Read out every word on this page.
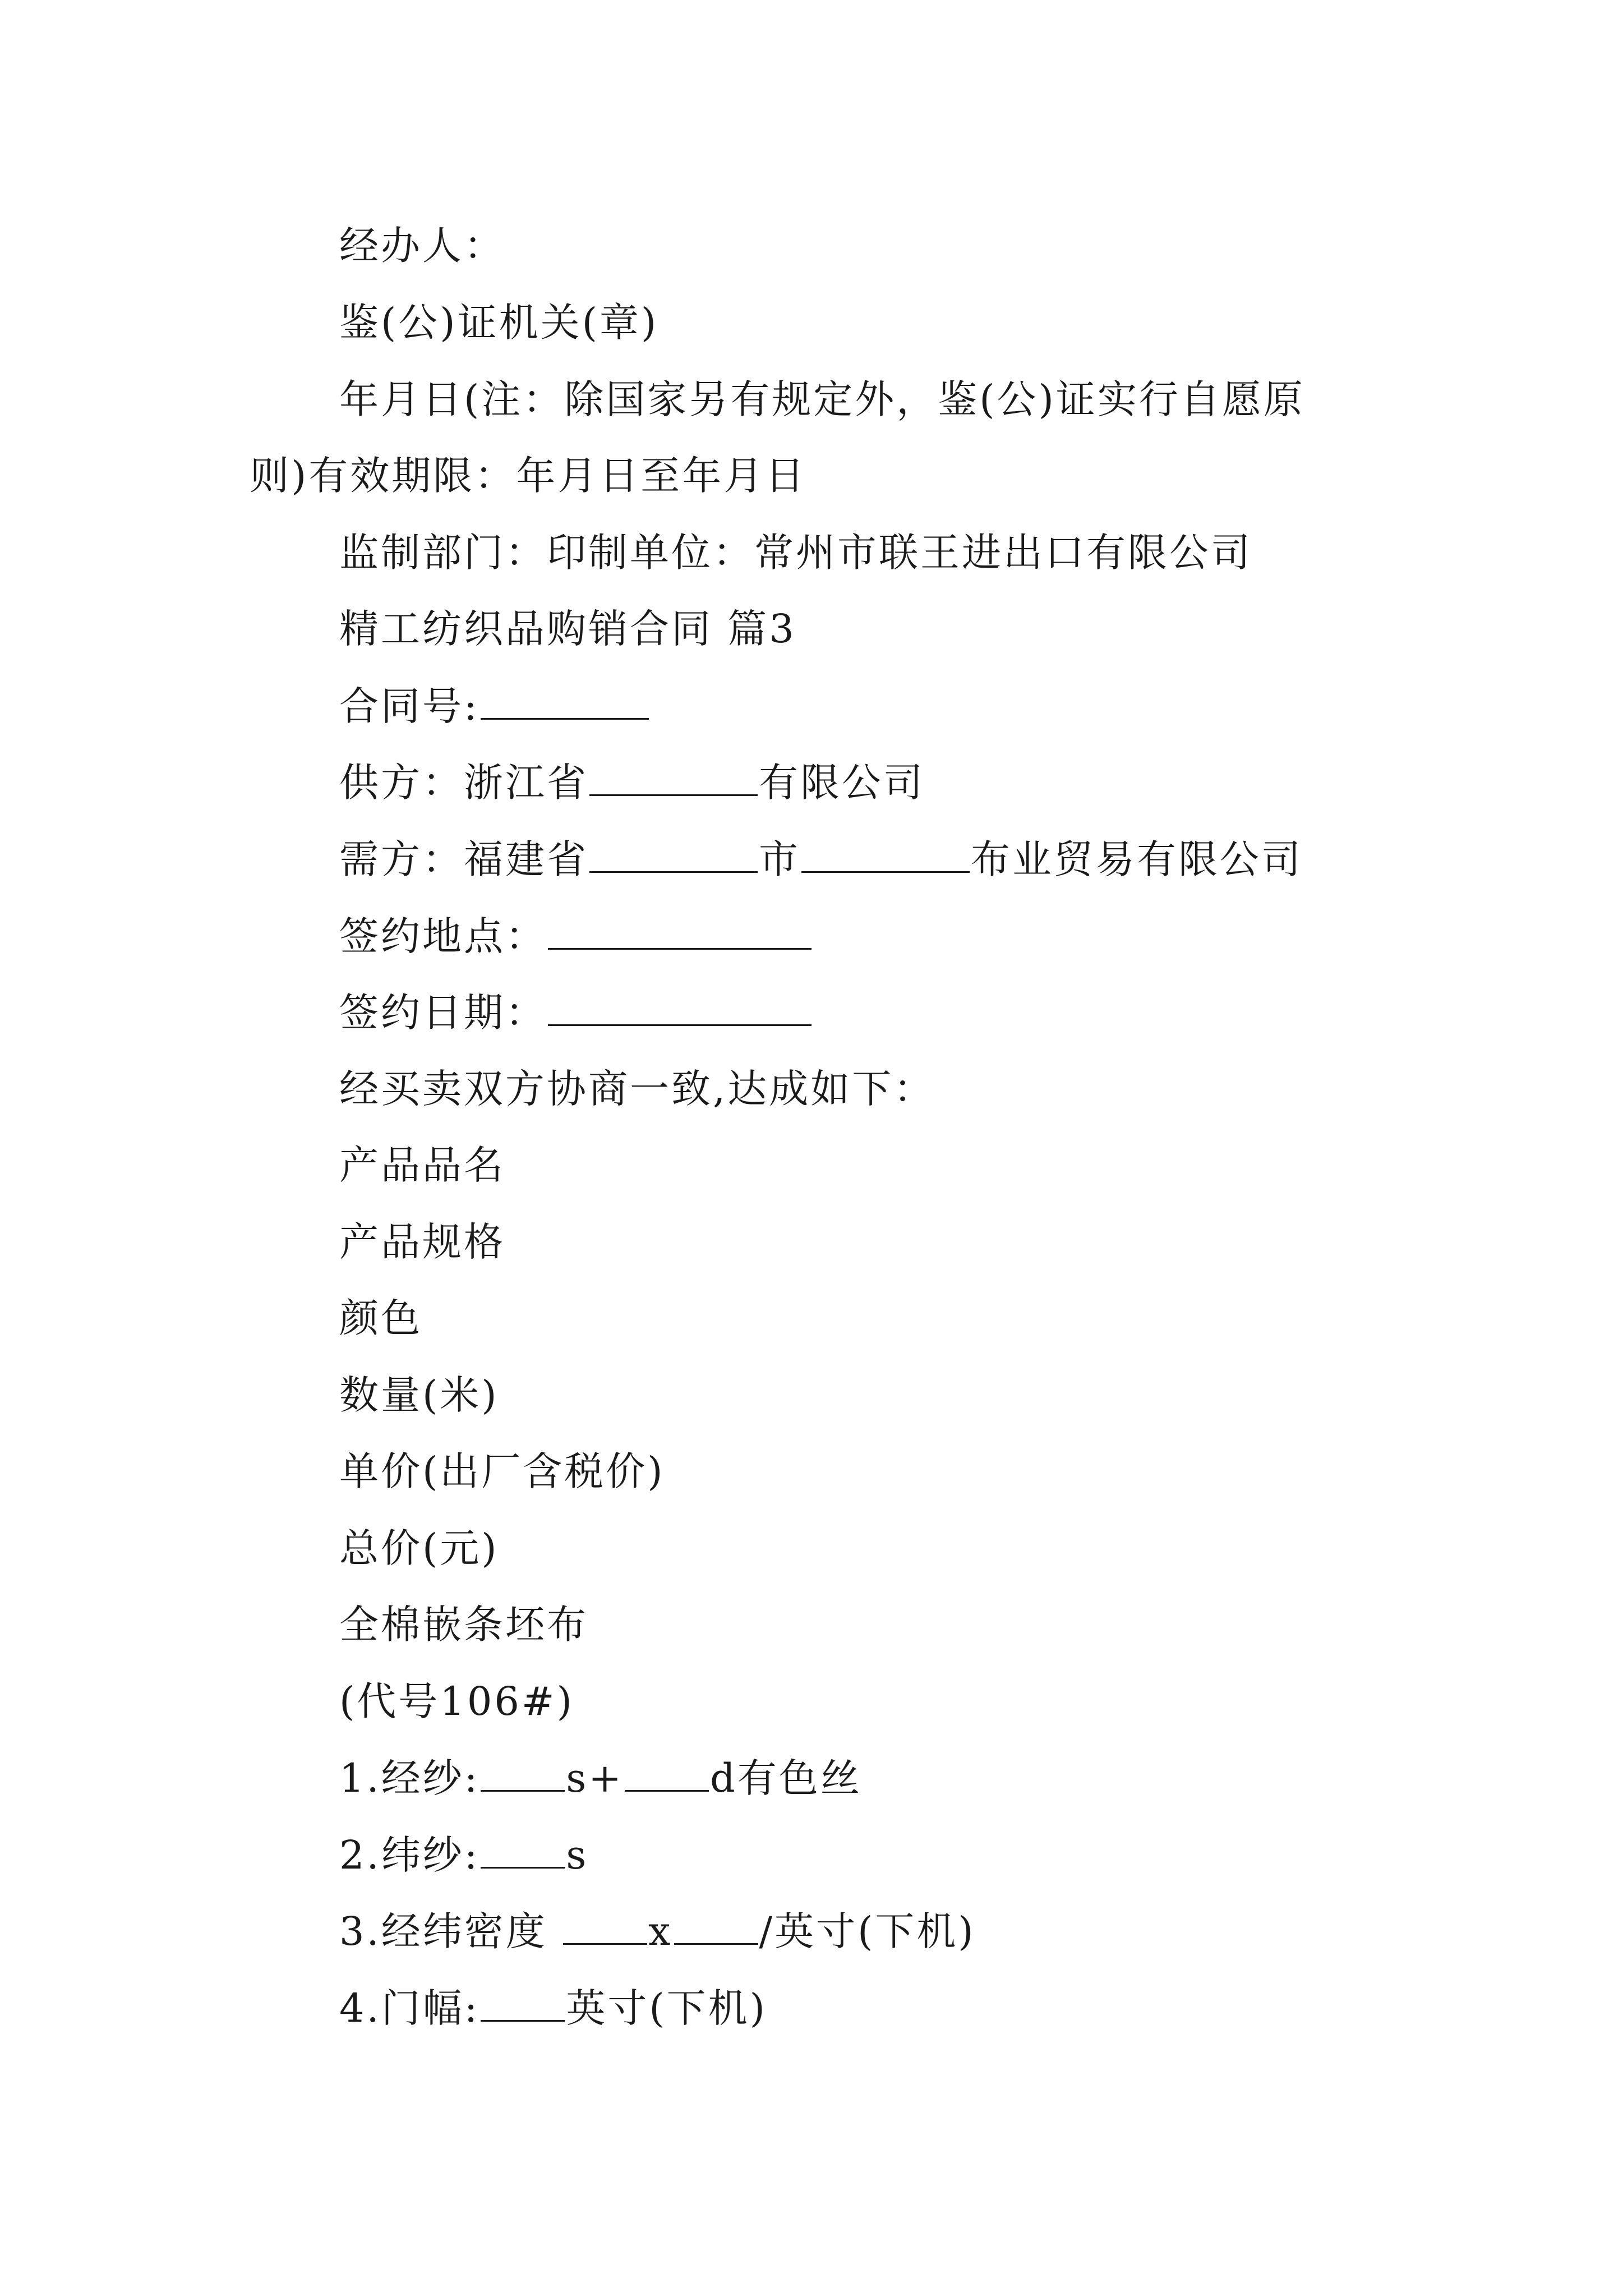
经办人：
鉴(公)证机关(章)
年月日(注：除国家另有规定外，鉴(公)证实行自愿原
则)有效期限：年月日至年月日
监制部门：印制单位：常州市联王进出口有限公司
精工纺织品购销合同 篇3
合同号:
供方：浙江省	有限公司
需方：福建省	市	布业贸易有限公司
签约地点：
签约日期：
经买卖双方协商一致,达成如下：
产品品名
产品规格
颜色
数量(米)
单价(出厂含税价)
总价(元)
全棉嵌条坯布
(代号106#)
1.经纱: s+ d有色丝
2.纬纱: s
3.经纬密度 x /英寸(下机)
4.门幅: 英寸(下机)
